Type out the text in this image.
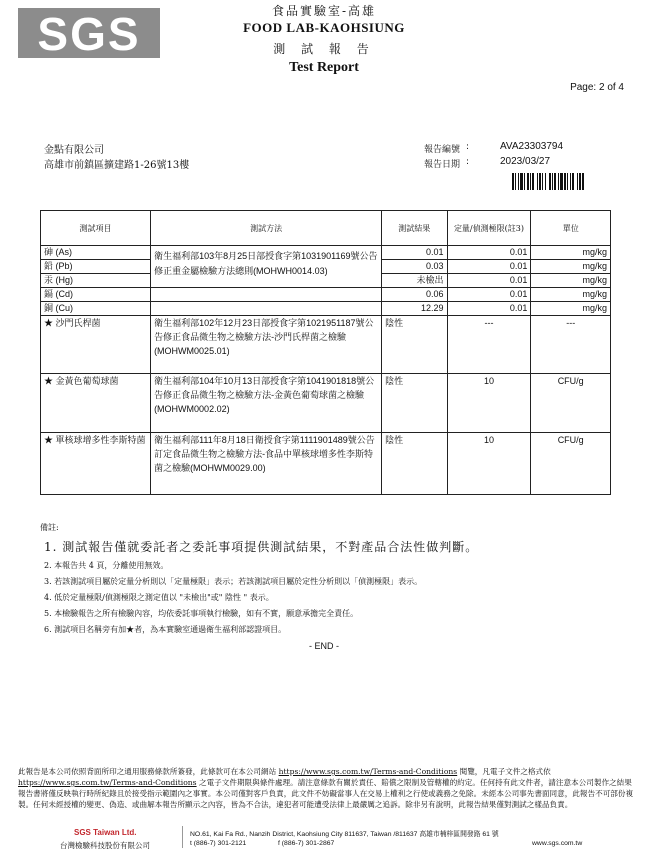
SGS	食品實驗室-高雄
FOOD LAB-KAOHSIUNG
測 試 報 告
Test Report
Page: 2 of 4
金點有限公司
高雄市前鎮區擴建路1-26號13樓
報告編號 :	AVA23303794
報告日期 :	2023/03/27
測試項目	測試方法	測試結果	定量/偵測極限(註3)	單位
砷 (As)	衛生福利部103年8月25日部授食字第1031901169號公告修正重金屬檢驗方法總則(MOHWH0014.03)	0.01	0.01	mg/kg
鉛 (Pb)		0.03	0.01	mg/kg
汞 (Hg)		未檢出	0.01	mg/kg
鎘 (Cd)		0.06	0.01	mg/kg
銅 (Cu)		12.29	0.01	mg/kg
★ 沙門氏桿菌	衛生福利部102年12月23日部授食字第1021951187號公告修正食品微生物之檢驗方法-沙門氏桿菌之檢驗(MOHWM0025.01)	陰性	---	---
★ 金黃色葡萄球菌	衛生福利部104年10月13日部授食字第1041901818號公告修正食品微生物之檢驗方法-金黃色葡萄球菌之檢驗(MOHWM0002.02)	陰性	10	CFU/g
★ 單核球增多性李斯特菌	衛生福利部111年8月18日衛授食字第1111901489號公告訂定食品微生物之檢驗方法-食品中單核球增多性李斯特菌之檢驗(MOHWM0029.00)	陰性	10	CFU/g
備註:
1. 測試報告僅就委託者之委託事項提供測試結果，不對產品合法性做判斷。
2. 本報告共 4 頁，分離使用無效。
3. 若該測試項目屬於定量分析則以「定量極限」表示；若該測試項目屬於定性分析則以「偵測極限」表示。
4. 低於定量極限/偵測極限之測定值以 "未檢出"或" 陰性 " 表示。
5. 本檢驗報告之所有檢驗內容，均依委託事項執行檢驗，如有不實，願意承擔完全責任。
6. 測試項目名稱旁有加★者，為本實驗室通過衛生福利部認證項目。
- END -
此報告是本公司依照背面所印之通用服務條款所簽發，此條款可在本公司網站 https://www.sgs.com.tw/Terms-and-Conditions 閱覽，凡電子文件之格式依
https://www.sgs.com.tw/Terms-and-Conditions 之電子文件期限與條件處理。請注意條款有關於責任、賠償之限制及管轄權的約定。任何持有此文件者，請注意本公司製作之結果報告書將僅反映執行時所紀錄且於接受指示範圍內之事實。本公司僅對客戶負責，此文件不妨礙當事人在交易上權利之行使或義務之免除。未經本公司事先書面同意，此報告不可部份複製。任何未經授權的變更、偽造、或曲解本報告所顯示之內容，皆為不合法，違犯者可能遭受法律上最嚴厲之追訴。除非另有說明，此報告結果僅對測試之樣品負責。
SGS Taiwan Ltd.
台灣檢驗科技股份有限公司
NO.61, Kai Fa Rd., Nanzih District, Kaohsiung City 811637, Taiwan /811637 高雄市楠梓區開發路 61 號
t (886-7) 301-2121	f (886-7) 301-2867	www.sgs.com.tw
